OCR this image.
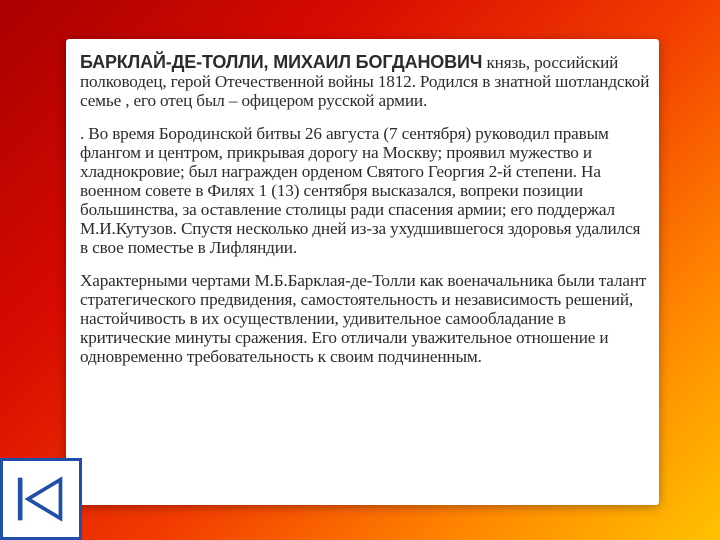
БАРКЛАЙ-ДЕ-ТОЛЛИ, МИХАИЛ БОГДАНОВИЧ князь, российский полководец, герой Отечественной войны 1812. Родился в знатной шотландской семье , его отец был – офицером русской армии.

. Во время Бородинской битвы 26 августа (7 сентября) руководил правым флангом и центром, прикрывая дорогу на Москву; проявил мужество и хладнокровие; был награжден орденом Святого Георгия 2-й степени. На военном совете в Филях 1 (13) сентября высказался, вопреки позиции большинства, за оставление столицы ради спасения армии; его поддержал М.И.Кутузов. Спустя несколько дней из-за ухудшившегося здоровья удалился в свое поместье в Лифляндии.

Характерными чертами М.Б.Барклая-де-Толли как военачальника были талант стратегического предвидения, самостоятельность и независимость решений, настойчивость в их осуществлении, удивительное самообладание в критические минуты сражения. Его отличали уважительное отношение и одновременно требовательность к своим подчиненным.
